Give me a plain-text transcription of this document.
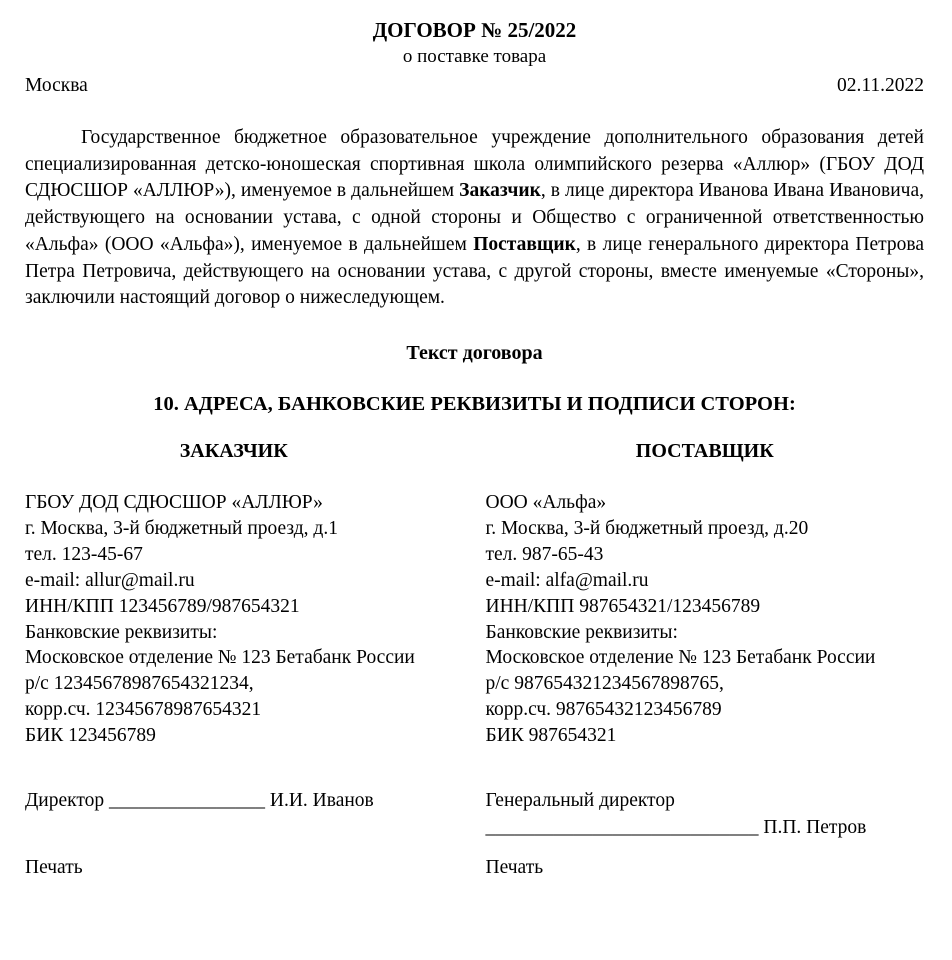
ДОГОВОР № 25/2022
о поставке товара
Москва	02.11.2022

Государственное бюджетное образовательное учреждение дополнительного образования детей специализированная детско-юношеская спортивная школа олимпийского резерва «Аллюр» (ГБОУ ДОД СДЮСШОР «АЛЛЮР»), именуемое в дальнейшем Заказчик, в лице директора Иванова Ивана Ивановича, действующего на основании устава, с одной стороны и Общество с ограниченной ответственностью «Альфа» (ООО «Альфа»), именуемое в дальнейшем Поставщик, в лице генерального директора Петрова Петра Петровича, действующего на основании устава, с другой стороны, вместе именуемые «Стороны», заключили настоящий договор о нижеследующем.

Текст договора
10. АДРЕСА, БАНКОВСКИЕ РЕКВИЗИТЫ И ПОДПИСИ СТОРОН:
ЗАКАЗЧИК
ГБОУ ДОД СДЮСШОР «АЛЛЮР»
г. Москва, 3-й бюджетный проезд, д.1
тел. 123-45-67
e-mail: allur@mail.ru
ИНН/КПП 123456789/987654321
Банковские реквизиты:
Московское отделение № 123 Бетабанк России
р/с 12345678987654321234,
корр.сч. 12345678987654321
БИК 123456789
Директор ________________ И.И. Иванов
Печать
ПОСТАВЩИК
ООО «Альфа»
г. Москва, 3-й бюджетный проезд, д.20
тел. 987-65-43
e-mail: alfa@mail.ru
ИНН/КПП 987654321/123456789
Банковские реквизиты:
Московское отделение № 123 Бетабанк России
р/с 987654321234567898765,
корр.сч. 98765432123456789
БИК 987654321
Генеральный директор
____________________________ П.П. Петров
Печать
